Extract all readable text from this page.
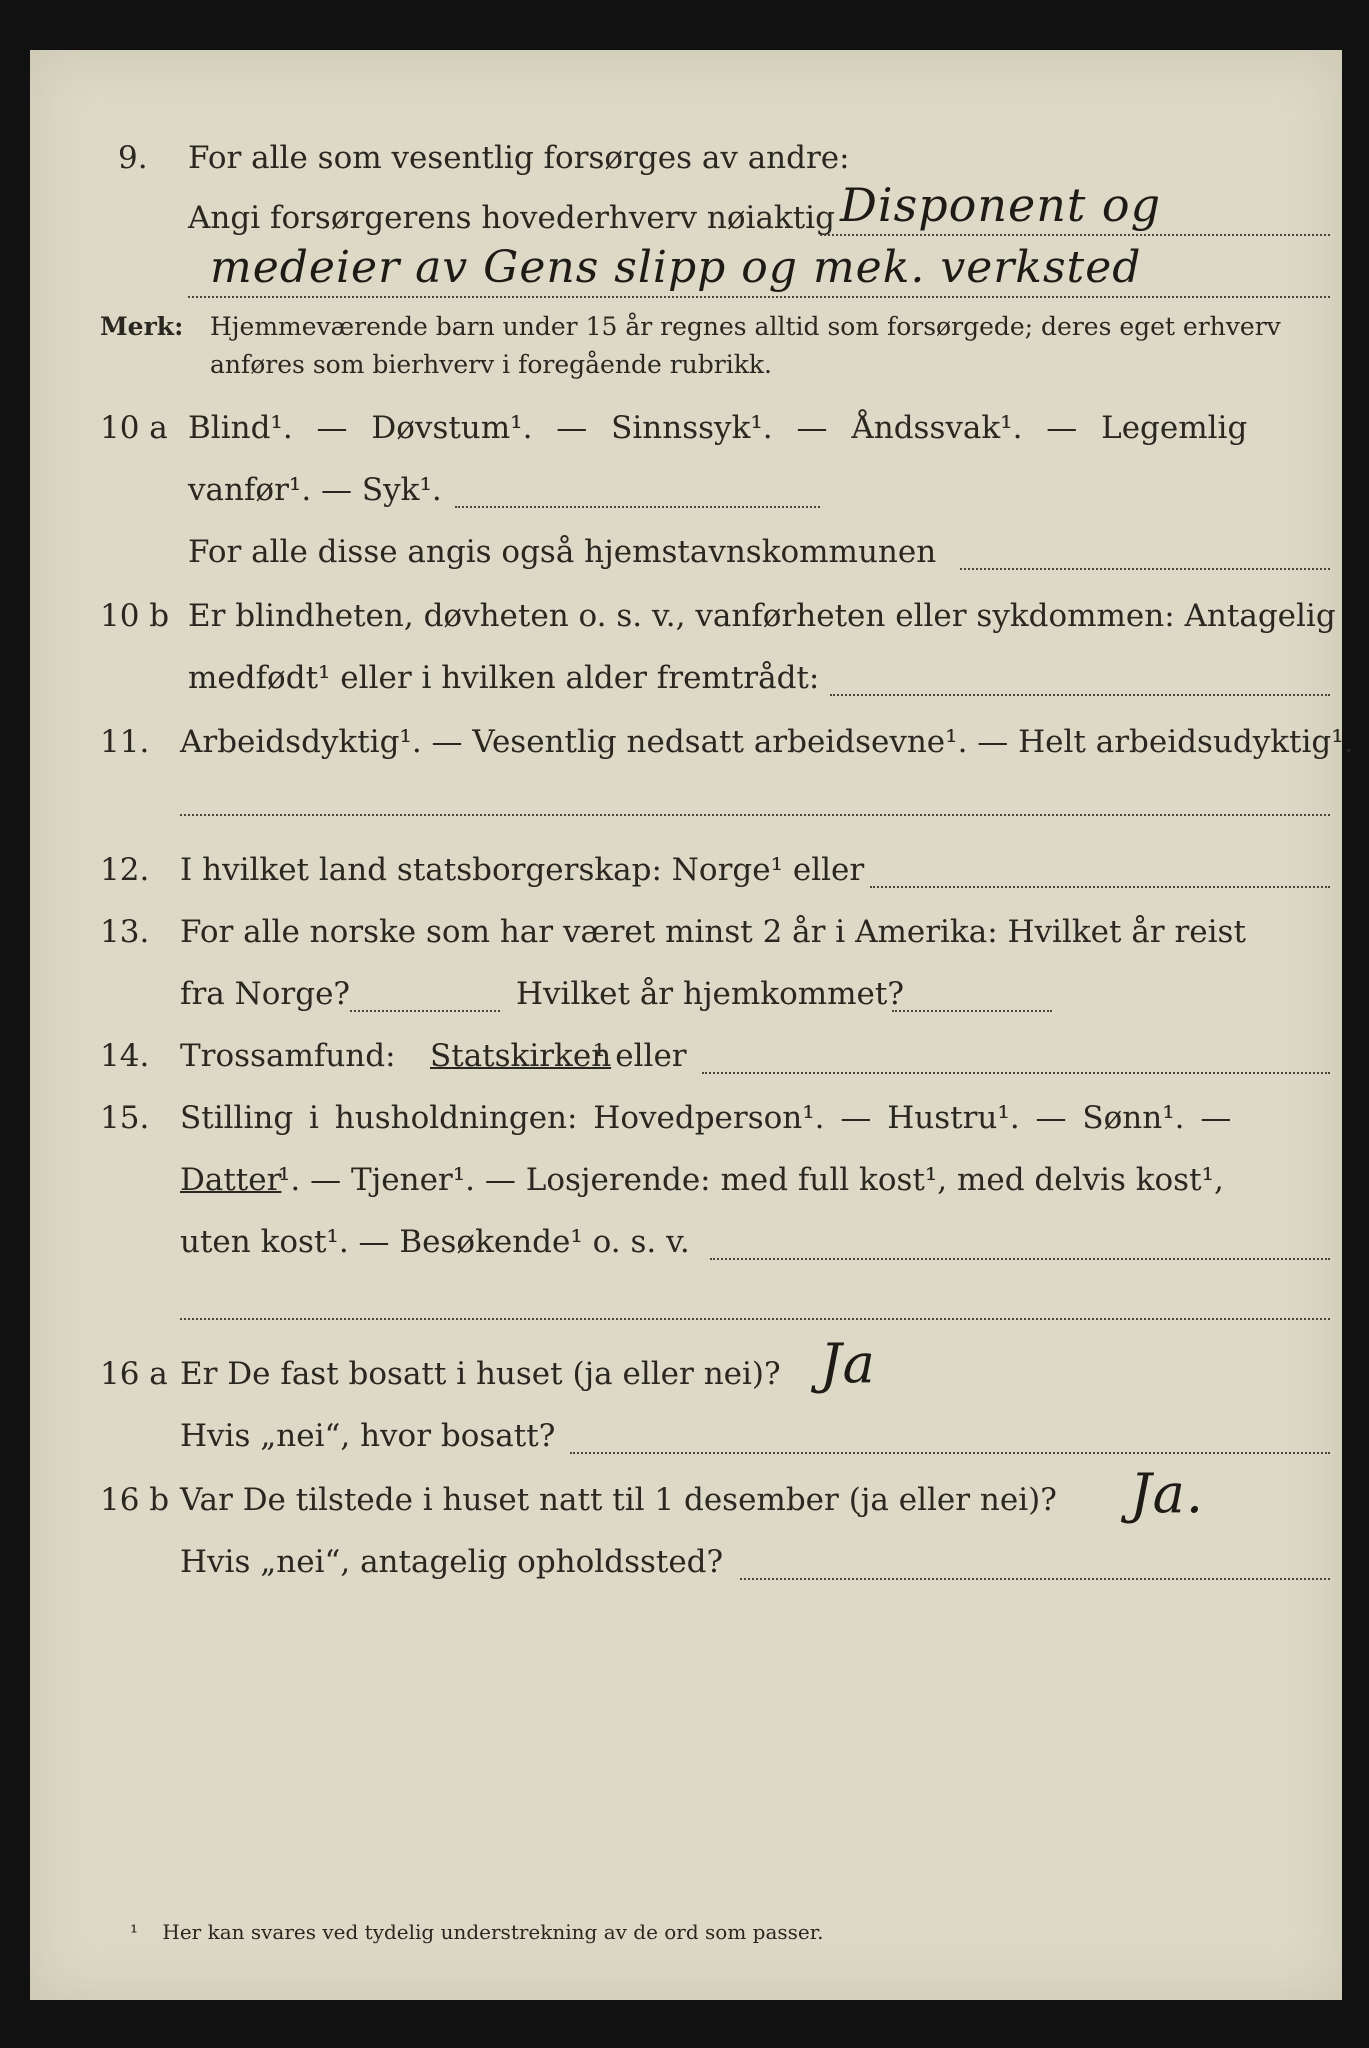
9. For alle som vesentlig forsørges av andre:
Angi forsørgerens hovederhverv nøiaktig Disponent og
medeier av Gens slipp og mek. verksted
Merk: Hjemmeværende barn under 15 år regnes alltid som forsørgede; deres eget erhverv
anføres som bierhverv i foregående rubrikk.
10 a Blind¹. — Døvstum¹. — Sinnssyk¹. — Åndssvak¹. — Legemlig
vanfør¹. — Syk¹.
For alle disse angis også hjemstavnskommunen
10 b Er blindheten, døvheten o. s. v., vanførheten eller sykdommen: Antagelig
medfødt¹ eller i hvilken alder fremtrådt:
11. Arbeidsdyktig¹. — Vesentlig nedsatt arbeidsevne¹. — Helt arbeidsudyktig¹.
12. I hvilket land statsborgerskap: Norge¹ eller
13. For alle norske som har været minst 2 år i Amerika: Hvilket år reist
fra Norge?	Hvilket år hjemkommet?
14. Trossamfund: Statskirken
¹ eller
15. Stilling i husholdningen: Hovedperson¹. — Hustru¹. — Sønn¹. —
Datter
¹. — Tjener¹. — Losjerende: med full kost¹, med delvis kost¹,
uten kost¹. — Besøkende¹ o. s. v.
16 a Er De fast bosatt i huset (ja eller nei)? Ja
Hvis „nei“, hvor bosatt?
16 b Var De tilstede i huset natt til 1 desember (ja eller nei)? Ja.
Hvis „nei“, antagelig opholdssted?
¹ Her kan svares ved tydelig understrekning av de ord som passer.
